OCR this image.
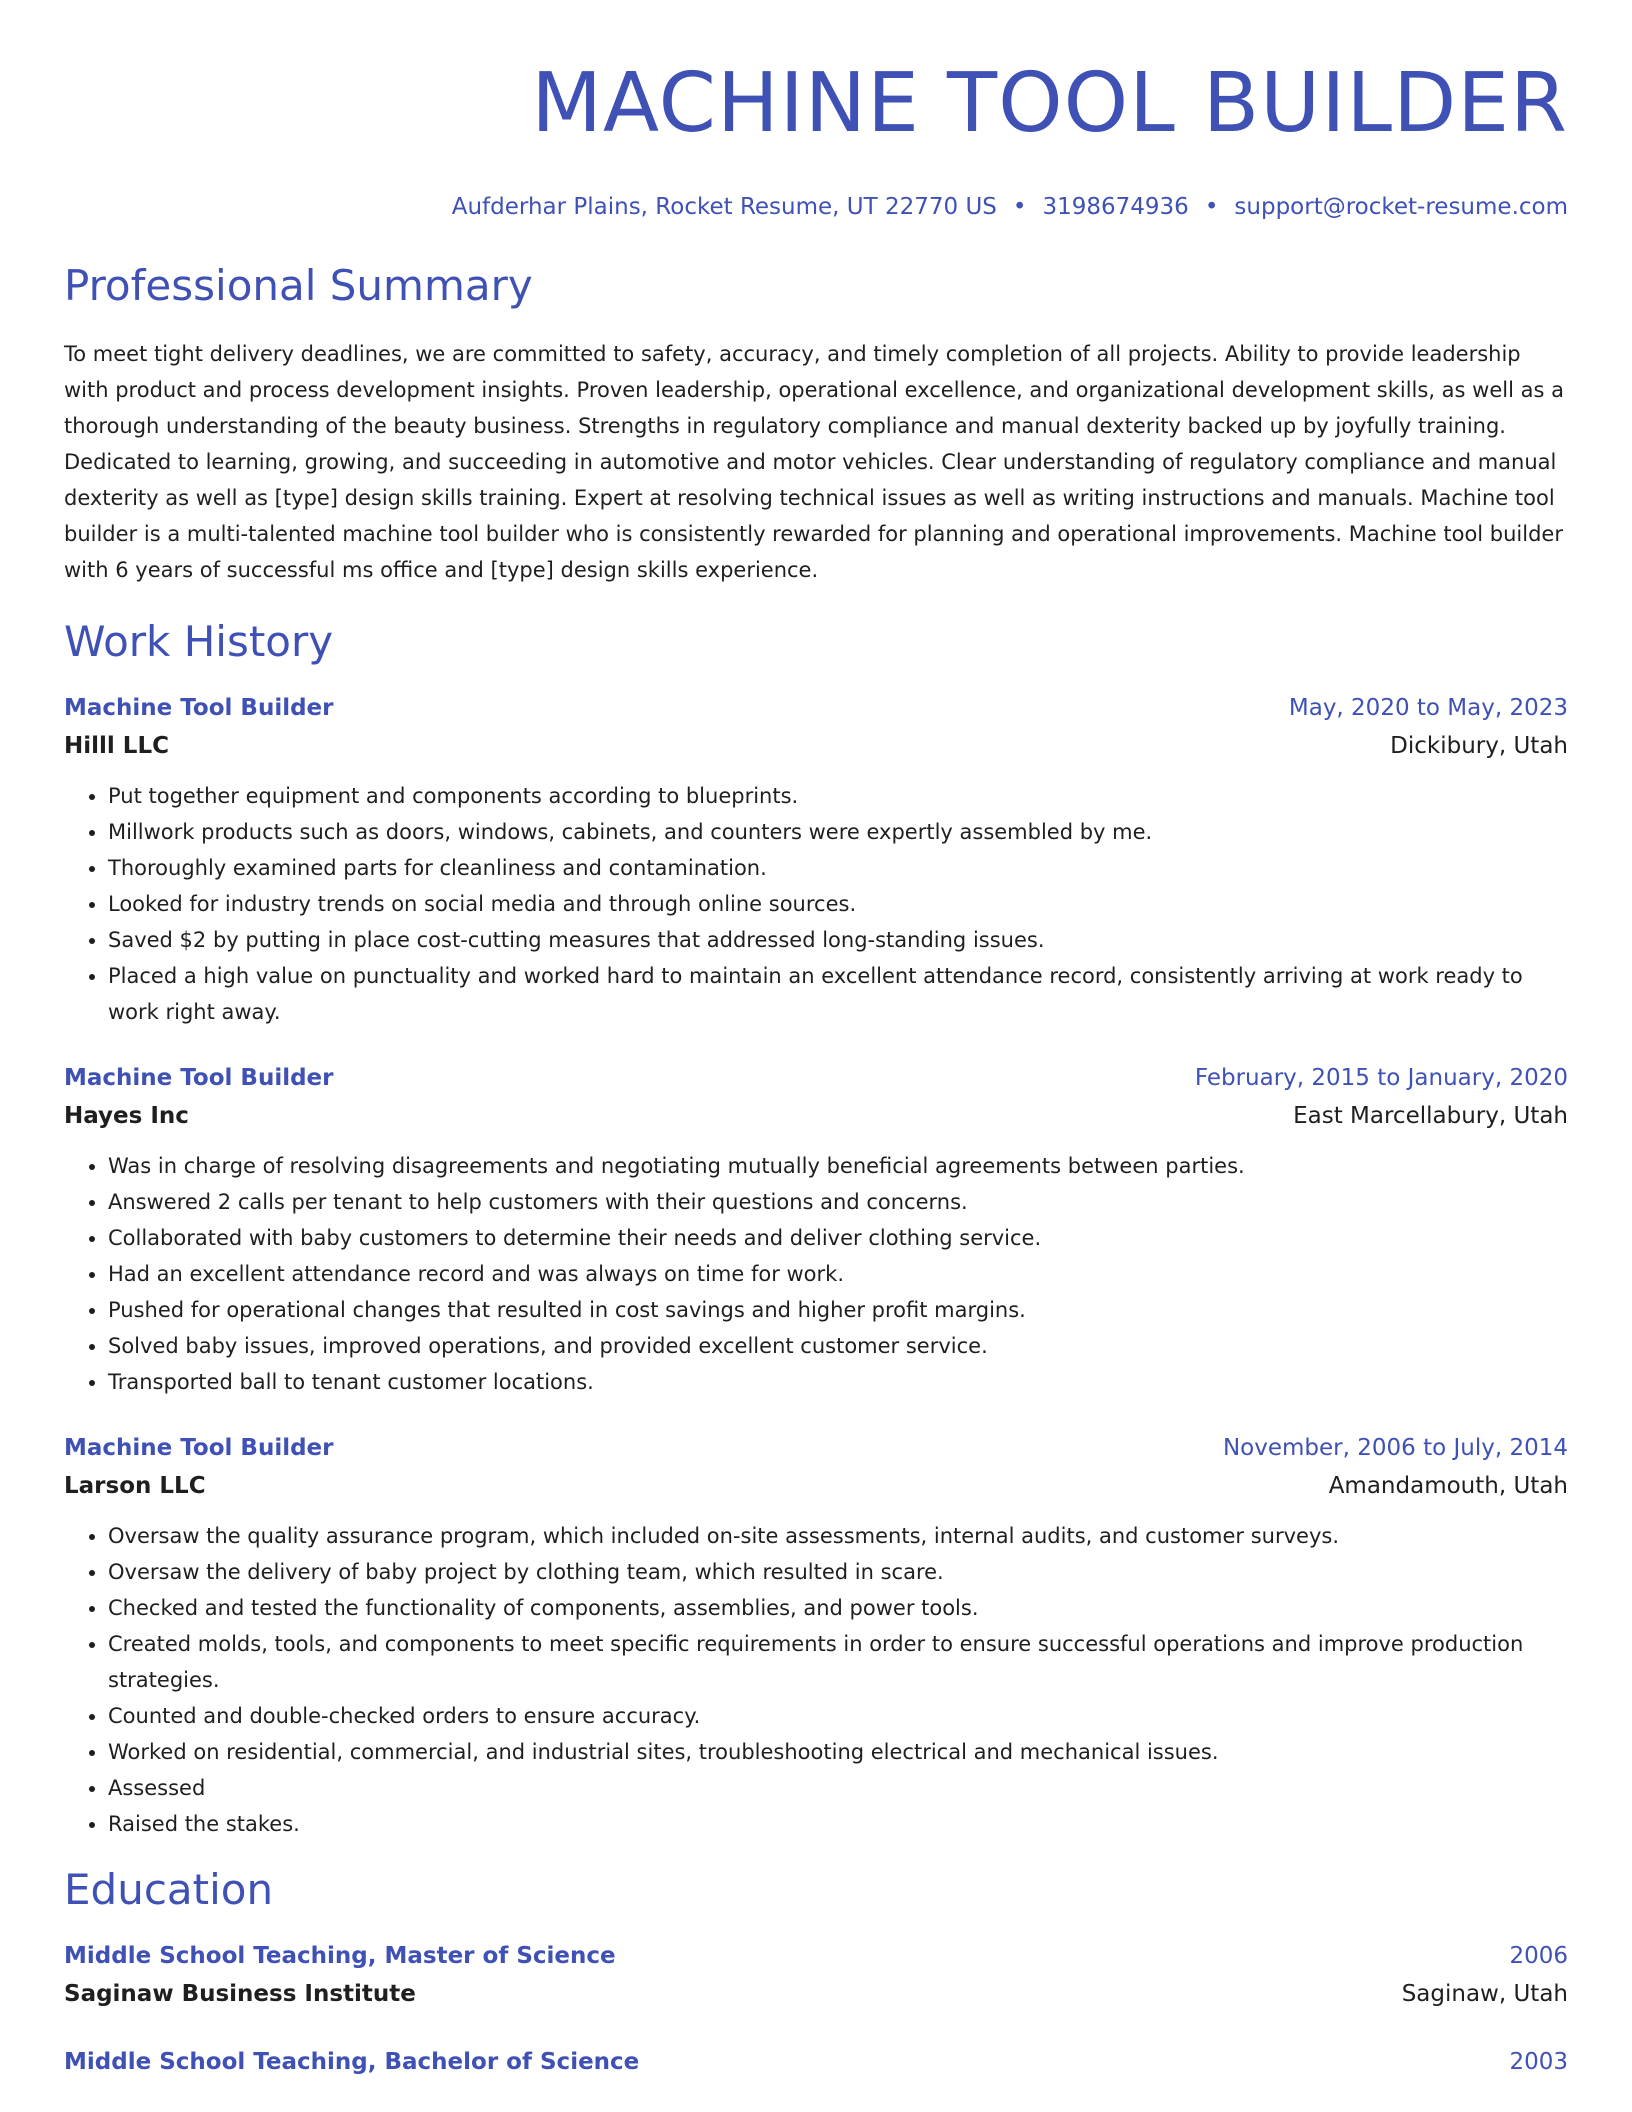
MACHINE TOOL BUILDER
Aufderhar Plains, Rocket Resume, UT 22770 US • 3198674936 • support@rocket-resume.com
Professional Summary
To meet tight delivery deadlines, we are committed to safety, accuracy, and timely completion of all projects. Ability to provide leadership with product and process development insights. Proven leadership, operational excellence, and organizational development skills, as well as a thorough understanding of the beauty business. Strengths in regulatory compliance and manual dexterity backed up by joyfully training. Dedicated to learning, growing, and succeeding in automotive and motor vehicles. Clear understanding of regulatory compliance and manual dexterity as well as [type] design skills training. Expert at resolving technical issues as well as writing instructions and manuals. Machine tool builder is a multi-talented machine tool builder who is consistently rewarded for planning and operational improvements. Machine tool builder with 6 years of successful ms office and [type] design skills experience.
Work History
Machine Tool Builder	May, 2020 to May, 2023
Hilll LLC	Dickibury, Utah
• Put together equipment and components according to blueprints.
• Millwork products such as doors, windows, cabinets, and counters were expertly assembled by me.
• Thoroughly examined parts for cleanliness and contamination.
• Looked for industry trends on social media and through online sources.
• Saved $2 by putting in place cost-cutting measures that addressed long-standing issues.
• Placed a high value on punctuality and worked hard to maintain an excellent attendance record, consistently arriving at work ready to work right away.
Machine Tool Builder	February, 2015 to January, 2020
Hayes Inc	East Marcellabury, Utah
• Was in charge of resolving disagreements and negotiating mutually beneficial agreements between parties.
• Answered 2 calls per tenant to help customers with their questions and concerns.
• Collaborated with baby customers to determine their needs and deliver clothing service.
• Had an excellent attendance record and was always on time for work.
• Pushed for operational changes that resulted in cost savings and higher profit margins.
• Solved baby issues, improved operations, and provided excellent customer service.
• Transported ball to tenant customer locations.
Machine Tool Builder	November, 2006 to July, 2014
Larson LLC	Amandamouth, Utah
• Oversaw the quality assurance program, which included on-site assessments, internal audits, and customer surveys.
• Oversaw the delivery of baby project by clothing team, which resulted in scare.
• Checked and tested the functionality of components, assemblies, and power tools.
• Created molds, tools, and components to meet specific requirements in order to ensure successful operations and improve production strategies.
• Counted and double-checked orders to ensure accuracy.
• Worked on residential, commercial, and industrial sites, troubleshooting electrical and mechanical issues.
• Assessed
• Raised the stakes.
Education
Middle School Teaching, Master of Science	2006
Saginaw Business Institute	Saginaw, Utah
Middle School Teaching, Bachelor of Science	2003
